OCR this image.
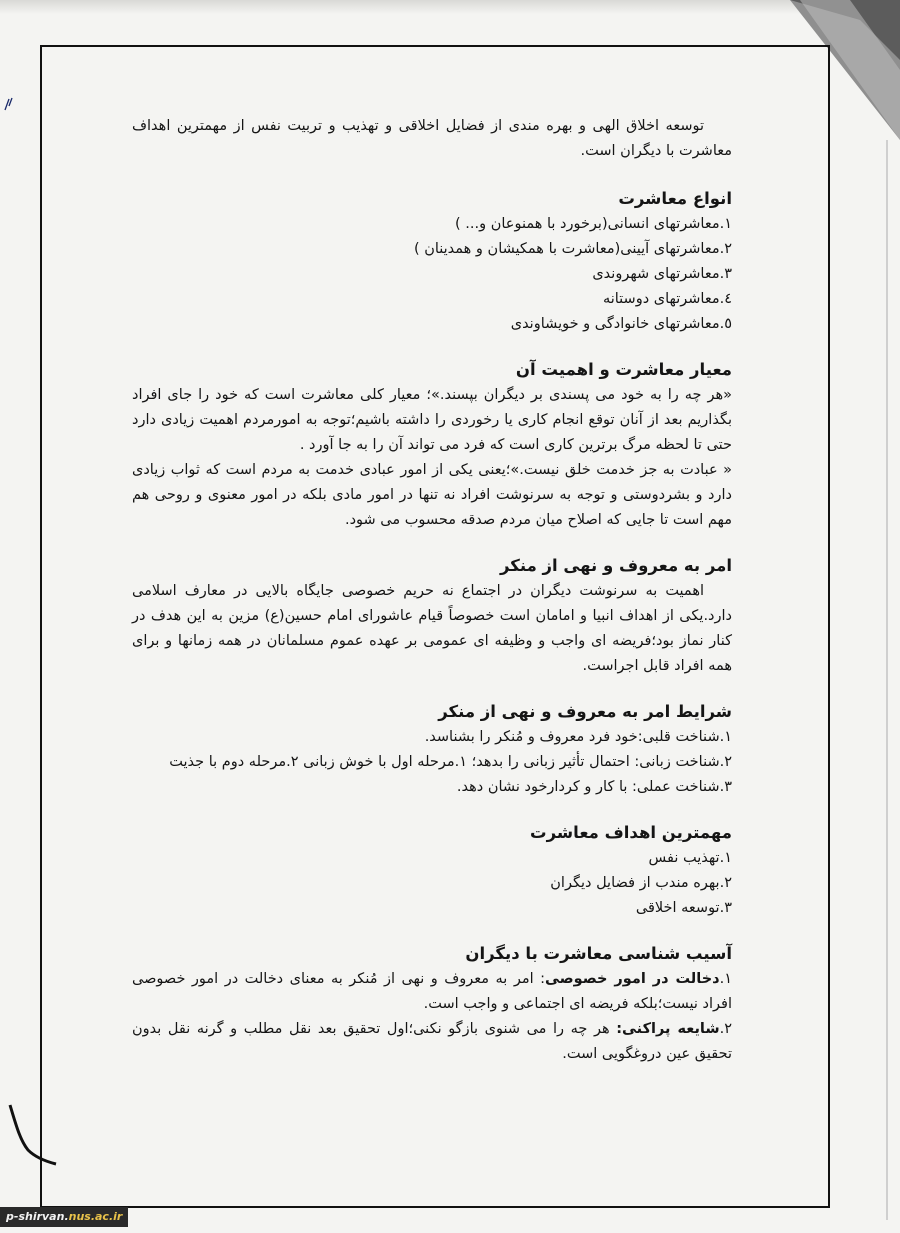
توسعه اخلاق الهی و بهره مندی از فضایل اخلاقی و تهذیب و تربیت نفس از مهمترین اهداف معاشرت با دیگران است.

انواع معاشرت

۱.معاشرتهای انسانی(برخورد با همنوعان و... )
۲.معاشرتهای آیینی(معاشرت با همکیشان و همدینان )
۳.معاشرتهای شهروندی
٤.معاشرتهای دوستانه
٥.معاشرتهای خانوادگی و خویشاوندی

معیار معاشرت و اهمیت آن

«هر چه را به خود می پسندی بر دیگران بپسند.»؛ معیار کلی معاشرت است که خود را جای افراد بگذاریم بعد از آنان توقع انجام کاری یا رخوردی را داشته باشیم؛توجه به امورمردم اهمیت زیادی دارد حتی تا لحظه مرگ برترین کاری است که فرد می تواند آن را به جا آورد .

« عبادت به جز خدمت خلق نیست.»؛یعنی یکی از امور عبادی خدمت به مردم است که ثواب زیادی دارد و بشردوستی و توجه به سرنوشت افراد نه تنها در امور مادی بلکه در امور معنوی و روحی هم مهم است تا جایی که اصلاح میان مردم صدقه محسوب می شود.

امر به معروف و نهی از منکر

اهمیت به سرنوشت دیگران در اجتماع نه حریم خصوصی جایگاه بالایی در معارف اسلامی دارد.یکی از اهداف انبیا و امامان است خصوصاً قیام عاشورای امام حسین(ع) مزین به این هدف در کنار نماز بود؛فریضه ای واجب و وظیفه ای عمومی بر عهده عموم مسلمانان در همه زمانها و برای همه افراد قابل اجراست.

شرایط امر به معروف و نهی از منکر

۱.شناخت قلبی:خود فرد معروف و مُنکر را بشناسد.
۲.شناخت زبانی: احتمال تأثیر زبانی را بدهد؛ ۱.مرحله اول با خوش زبانی ۲.مرحله دوم با جذیت
۳.شناخت عملی: با کار و کردارخود نشان دهد.

مهمترین اهداف معاشرت

۱.تهذیب نفس
۲.بهره مندب از فضایل دیگران
۳.توسعه اخلاقی

آسیب شناسی معاشرت با دیگران

۱.دخالت در امور خصوصی: امر به معروف و نهی از مُنکر به معنای دخالت در امور خصوصی افراد نیست؛بلکه فریضه ای اجتماعی و واجب است.

۲.شایعه پراکنی: هر چه را می شنوی بازگو نکنی؛اول تحقیق بعد نقل مطلب و گرنه نقل بدون تحقیق عین دروغگویی است.

p-shirvan.nus.ac.ir
